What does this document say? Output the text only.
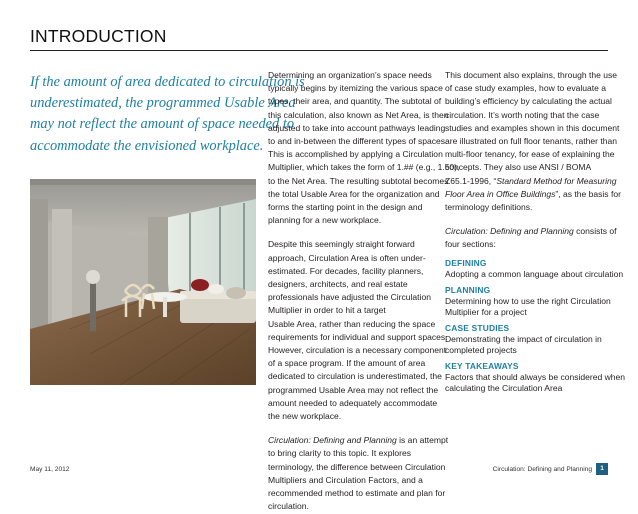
INTRODUCTION
If the amount of area dedicated to circulation is
underestimated, the programmed Usable Area
may not reflect the amount of space needed to
accommodate the envisioned workplace.
Determining an organization’s space needs
typically begins by itemizing the various space
types, their area, and quantity. The subtotal of
this calculation, also known as Net Area, is then
adjusted to take into account pathways leading
to and in-between the different types of spaces.
This is accomplished by applying a Circulation
Multiplier, which takes the form of 1.## (e.g., 1.50),
to the Net Area. The resulting subtotal becomes
the total Usable Area for the organization and
forms the starting point in the design and
planning for a new workplace.
Despite this seemingly straight forward
approach, Circulation Area is often under-
estimated. For decades, facility planners,
designers, architects, and real estate
professionals have adjusted the Circulation
Multiplier in order to hit a target
Usable Area, rather than reducing the space
requirements for individual and support spaces.
However, circulation is a necessary component
of a space program. If the amount of area
dedicated to circulation is underestimated, the
programmed Usable Area may not reflect the
amount needed to adequately accommodate
the new workplace.
Circulation: Defining and Planning is an attempt
to bring clarity to this topic. It explores
terminology, the difference between Circulation
Multipliers and Circulation Factors, and a
recommended method to estimate and plan for
circulation.
This document also explains, through the use
of case study examples, how to evaluate a
building’s efficiency by calculating the actual
circulation. It’s worth noting that the case
studies and examples shown in this document
are illustrated on full floor tenants, rather than
multi-floor tenancy, for ease of explaining the
concepts. They also use ANSI / BOMA
Z65.1-1996, “Standard Method for Measuring
Floor Area in Office Buildings”, as the basis for
terminology definitions.
Circulation: Defining and Planning consists of
four sections:
DEFINING
Adopting a common language about circulation
PLANNING
Determining how to use the right Circulation
Multiplier for a project
CASE STUDIES
Demonstrating the impact of circulation in
completed projects
KEY TAKEAWAYS
Factors that should always be considered when
calculating the Circulation Area
May 11, 2012	Circulation: Defining and Planning	1
